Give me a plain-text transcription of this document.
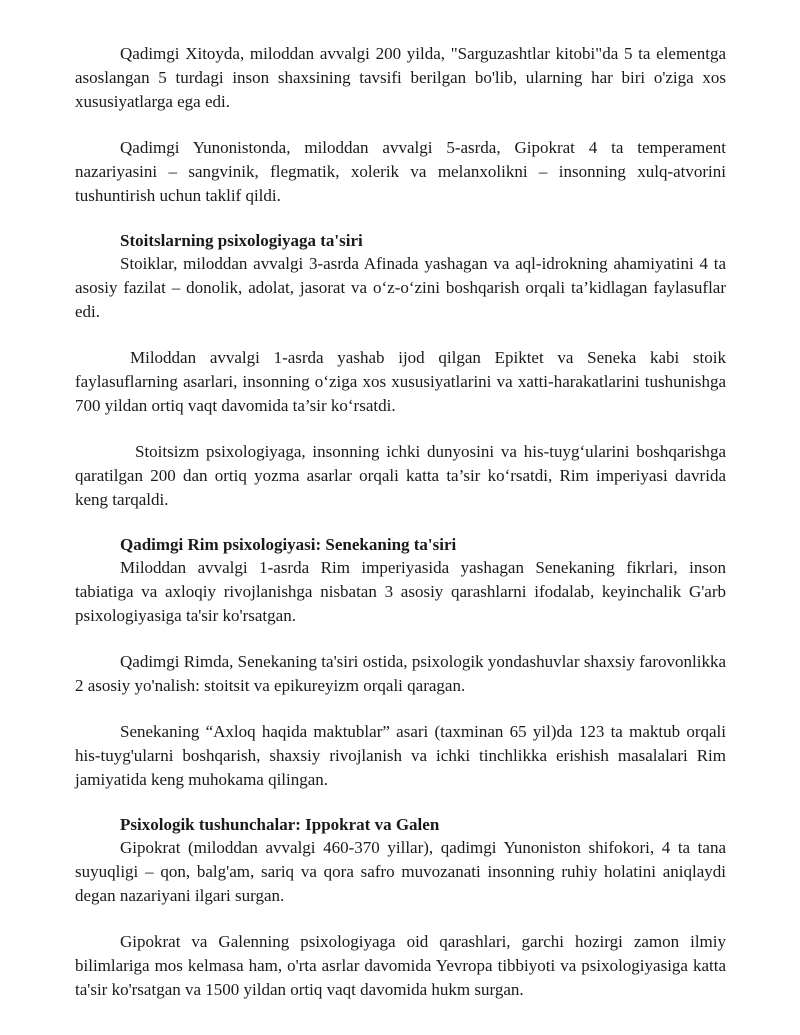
Qadimgi Xitoyda, miloddan avvalgi 200 yilda, "Sarguzashtlar kitobi"da 5 ta elementga asoslangan 5 turdagi inson shaxsining tavsifi berilgan bo'lib, ularning har biri o'ziga xos xususiyatlarga ega edi.

Qadimgi Yunonistonda, miloddan avvalgi 5-asrda, Gipokrat 4 ta temperament nazariyasini – sangvinik, flegmatik, xolerik va melanxolikni – insonning xulq-atvorini tushuntirish uchun taklif qildi.

Stoitslarning psixologiyaga ta'siri

Stoiklar, miloddan avvalgi 3-asrda Afinada yashagan va aql-idrokning ahamiyatini 4 ta asosiy fazilat – donolik, adolat, jasorat va o‘z-o‘zini boshqarish orqali ta’kidlagan faylasuflar edi.

Miloddan avvalgi 1-asrda yashab ijod qilgan Epiktet va Seneka kabi stoik faylasuflarning asarlari, insonning o‘ziga xos xususiyatlarini va xatti-harakatlarini tushunishga 700 yildan ortiq vaqt davomida ta’sir ko‘rsatdi.

Stoitsizm psixologiyaga, insonning ichki dunyosini va his-tuyg‘ularini boshqarishga qaratilgan 200 dan ortiq yozma asarlar orqali katta ta’sir ko‘rsatdi, Rim imperiyasi davrida keng tarqaldi.

Qadimgi Rim psixologiyasi: Senekaning ta'siri

Miloddan avvalgi 1-asrda Rim imperiyasida yashagan Senekaning fikrlari, inson tabiatiga va axloqiy rivojlanishga nisbatan 3 asosiy qarashlarni ifodalab, keyinchalik G'arb psixologiyasiga ta'sir ko'rsatgan.

Qadimgi Rimda, Senekaning ta'siri ostida, psixologik yondashuvlar shaxsiy farovonlikka 2 asosiy yo'nalish: stoitsit va epikureyizm orqali qaragan.

Senekaning “Axloq haqida maktublar” asari (taxminan 65 yil)da 123 ta maktub orqali his-tuyg'ularni boshqarish, shaxsiy rivojlanish va ichki tinchlikka erishish masalalari Rim jamiyatida keng muhokama qilingan.

Psixologik tushunchalar: Ippokrat va Galen

Gipokrat (miloddan avvalgi 460-370 yillar), qadimgi Yunoniston shifokori, 4 ta tana suyuqligi – qon, balg'am, sariq va qora safro muvozanati insonning ruhiy holatini aniqlaydi degan nazariyani ilgari surgan.

Gipokrat va Galenning psixologiyaga oid qarashlari, garchi hozirgi zamon ilmiy bilimlariga mos kelmasa ham, o'rta asrlar davomida Yevropa tibbiyoti va psixologiyasiga katta ta'sir ko'rsatgan va 1500 yildan ortiq vaqt davomida hukm surgan.
